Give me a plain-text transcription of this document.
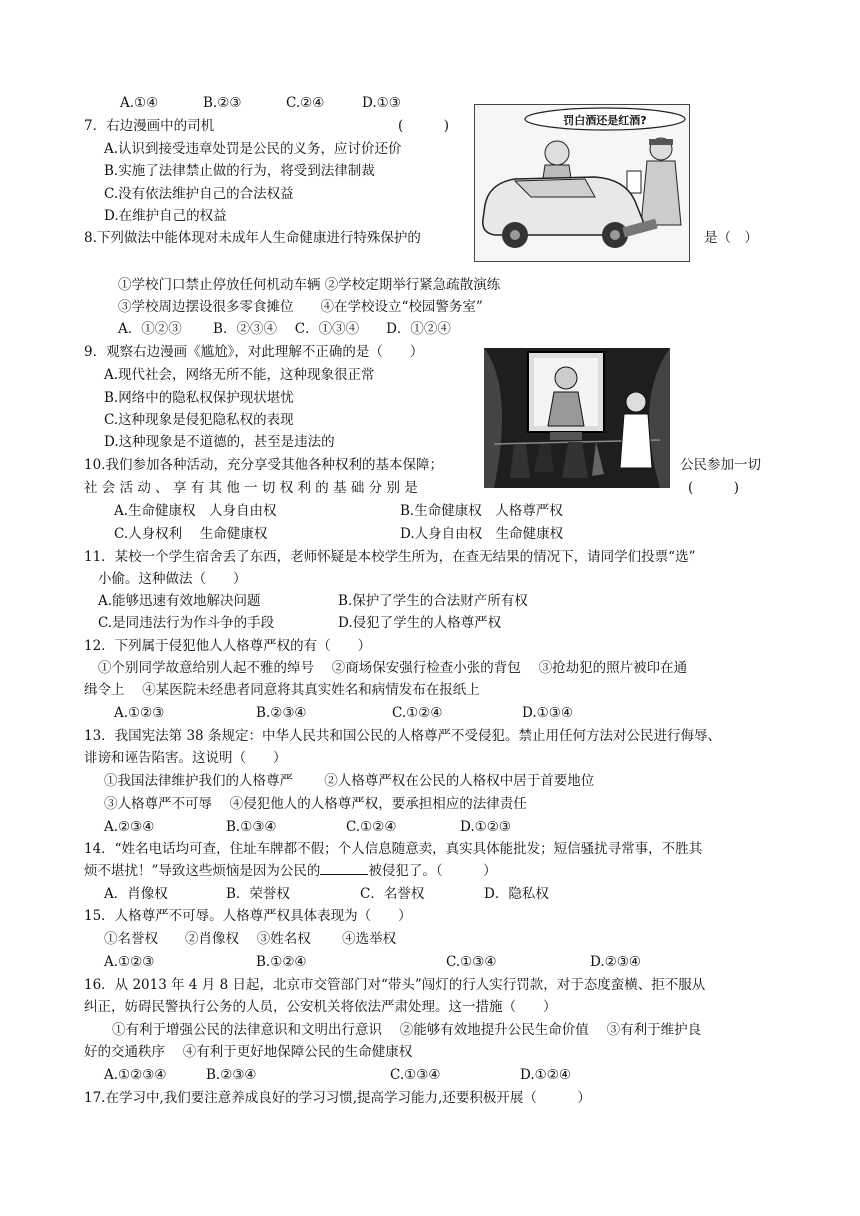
A.①④	B.②③	C.②④	D.①③
7．右边漫画中的司机	(　　　)
A.认识到接受违章处罚是公民的义务，应讨价还价
B.实施了法律禁止做的行为，将受到法律制裁
C.没有依法维护自己的合法权益
D.在维护自己的权益
罚白酒还是红酒?
8.下列做法中能体现对未成年人生命健康进行特殊保护的	是（　）
①学校门口禁止停放任何机动车辆 ②学校定期举行紧急疏散演练
③学校周边摆设很多零食摊位　　④在学校设立“校园警务室”
A．①②③　　 B．②③④　 C．①③④　　D．①②④
9．观察右边漫画《尴尬》，对此理解不正确的是（　　）
A.现代社会，网络无所不能，这种现象很正常
B.网络中的隐私权保护现状堪忧
C.这种现象是侵犯隐私权的表现
D.这种现象是不道德的，甚至是违法的
10.我们参加各种活动，充分享受其他各种权利的基本保障；	公民参加一切
社 会 活 动 、 享 有 其 他 一 切 权 利 的 基 础 分 别 是	(　　　)
A.生命健康权　人身自由权	B.生命健康权　人格尊严权
C.人身权利　 生命健康权	D.人身自由权　生命健康权
11．某校一个学生宿舍丢了东西，老师怀疑是本校学生所为，在查无结果的情况下，请同学们投票“选”
小偷。这种做法（　　）
A.能够迅速有效地解决问题	B.保护了学生的合法财产所有权
C.是同违法行为作斗争的手段	D.侵犯了学生的人格尊严权
12．下列属于侵犯他人人格尊严权的有（　　）
①个别同学故意给别人起不雅的绰号　 ②商场保安强行检查小张的背包　 ③抢劫犯的照片被印在通
缉令上　 ④某医院未经患者同意将其真实姓名和病情发布在报纸上
A.①②③	B.②③④	C.①②④	D.①③④
13．我国宪法第 38 条规定：中华人民共和国公民的人格尊严不受侵犯。禁止用任何方法对公民进行侮辱、
诽谤和诬告陷害。这说明（　　）
①我国法律维护我们的人格尊严　　 ②人格尊严权在公民的人格权中居于首要地位
③人格尊严不可辱　 ④侵犯他人的人格尊严权，要承担相应的法律责任
A.②③④	B.①③④	C.①②④	D.①②③
14．“姓名电话均可查，住址车牌都不假；个人信息随意卖，真实具体能批发；短信骚扰寻常事，不胜其
烦不堪扰！”导致这些烦恼是因为公民的	被侵犯了。（　　　）
A．肖像权	B．荣誉权	C．名誉权	D．隐私权
15．人格尊严不可辱。人格尊严权具体表现为（　　）
①名誉权　　②肖像权　 ③姓名权　　 ④选举权
A.①②③	B.①②④	C.①③④	D.②③④
16．从 2013 年 4 月 8 日起，北京市交管部门对“带头”闯灯的行人实行罚款，对于态度蛮横、拒不服从
纠正，妨碍民警执行公务的人员，公安机关将依法严肃处理。这一措施（　　）
①有利于增强公民的法律意识和文明出行意识　 ②能够有效地提升公民生命价值　 ③有利于维护良
好的交通秩序　 ④有利于更好地保障公民的生命健康权
A.①②③④	B.②③④	C.①③④	D.①②④
17.在学习中,我们要注意养成良好的学习习惯,提高学习能力,还要积极开展（　　　）
